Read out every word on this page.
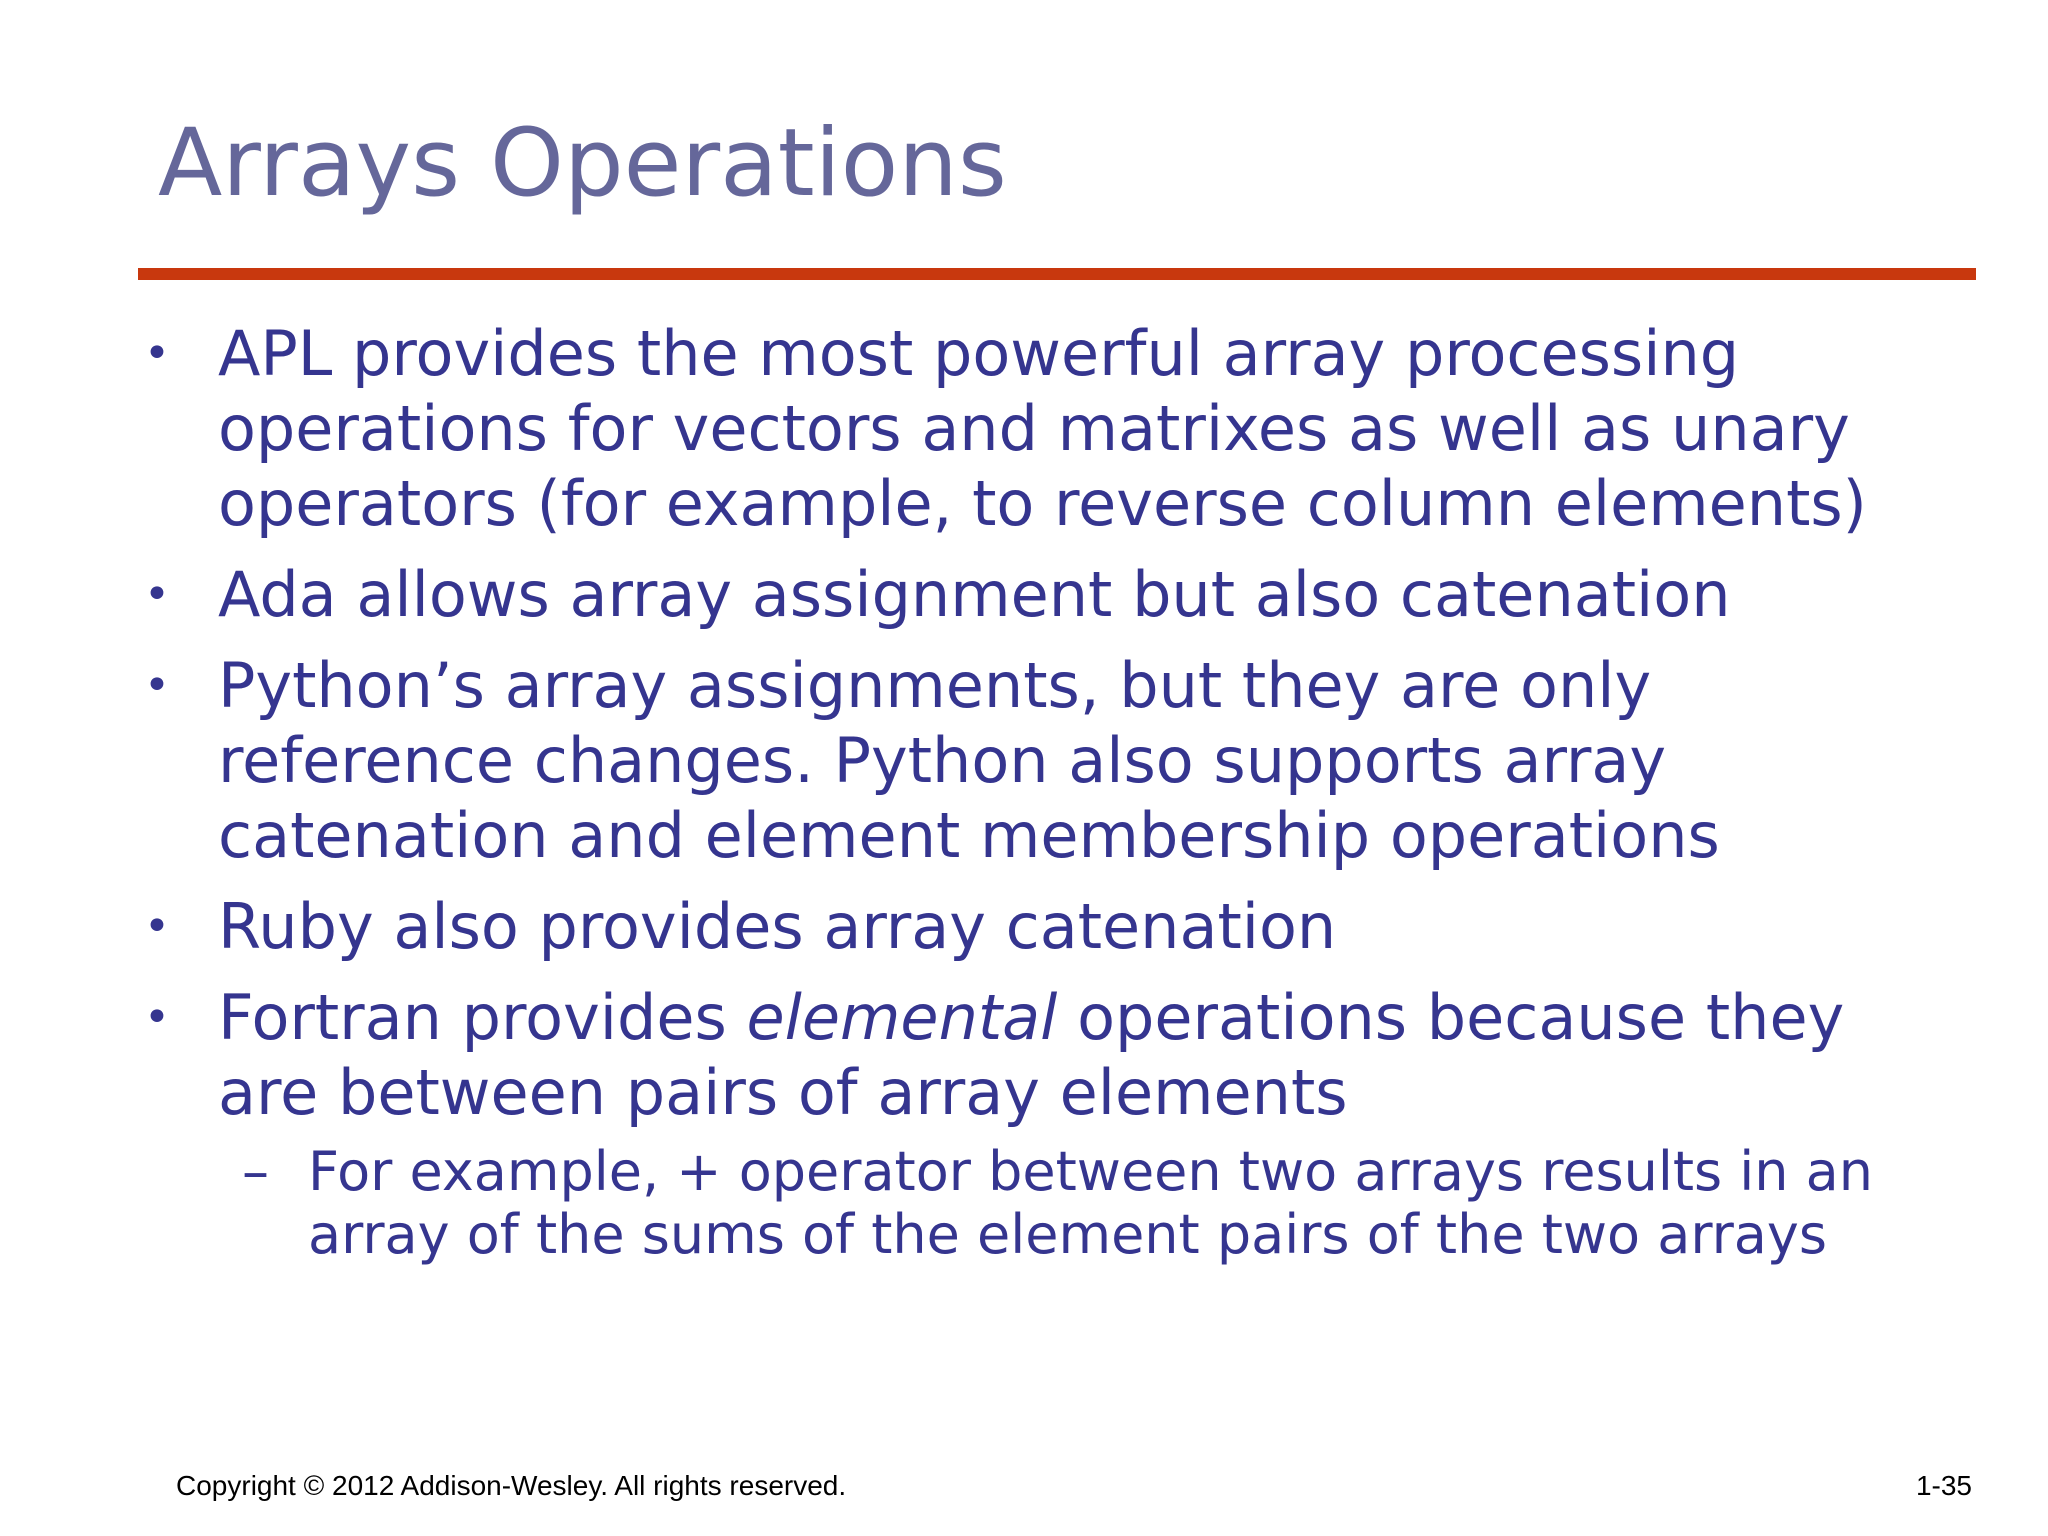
Arrays Operations
• APL provides the most powerful array processing
operations for vectors and matrixes as well as unary
operators (for example, to reverse column elements)
• Ada allows array assignment but also catenation
• Python’s array assignments, but they are only
reference changes. Python also supports array
catenation and element membership operations
• Ruby also provides array catenation
• Fortran provides elemental operations because they
are between pairs of array elements
– For example, + operator between two arrays results in an
array of the sums of the element pairs of the two arrays
Copyright © 2012 Addison-Wesley. All rights reserved.	1-35
